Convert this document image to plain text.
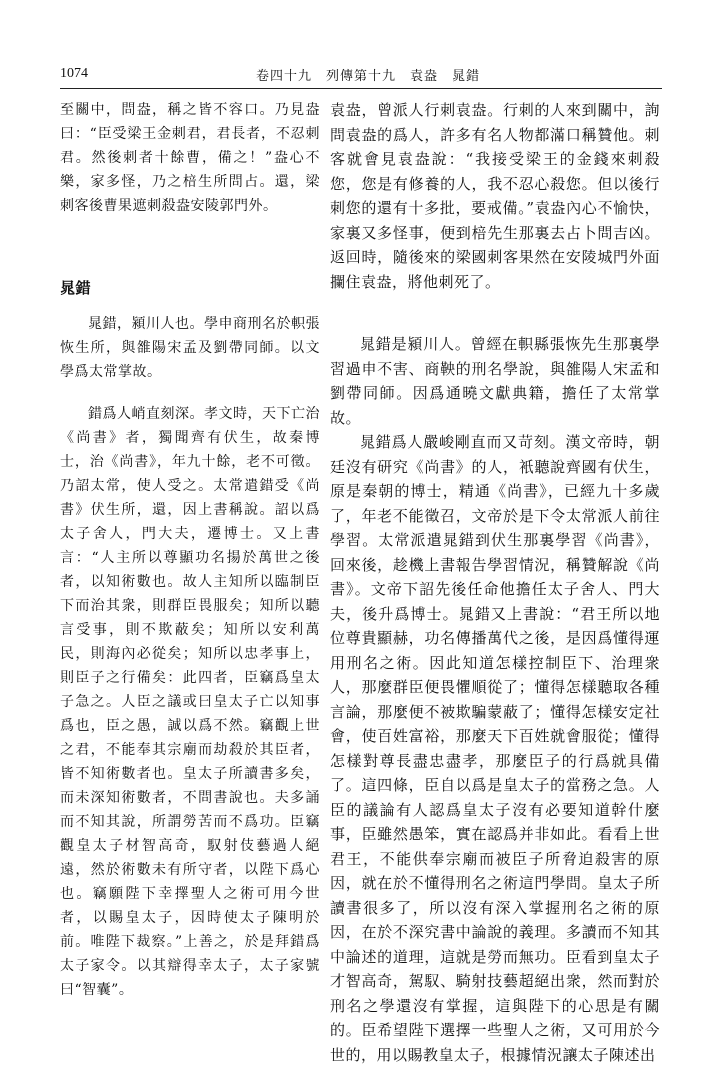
1074	卷四十九　列傳第十九　袁盎　晁錯

至關中，問盎，稱之皆不容口。乃見盎曰：“臣受梁王金刺君，君長者，不忍刺君。然後刺者十餘曹，備之！”盎心不樂，家多怪，乃之棓生所問占。還，梁刺客後曹果遮刺殺盎安陵郭門外。

晁錯

晁錯，潁川人也。學申商刑名於軹張恢生所，與雒陽宋孟及劉帶同師。以文學爲太常掌故。

錯爲人峭直刻深。孝文時，天下亡治《尚書》者，獨聞齊有伏生，故秦博士，治《尚書》，年九十餘，老不可徵。乃詔太常，使人受之。太常遣錯受《尚書》伏生所，還，因上書稱說。詔以爲太子舍人，門大夫，遷博士。又上書言：“人主所以尊顯功名揚於萬世之後者，以知術數也。故人主知所以臨制臣下而治其衆，則群臣畏服矣；知所以聽言受事，則不欺蔽矣；知所以安利萬民，則海內必從矣；知所以忠孝事上，則臣子之行備矣：此四者，臣竊爲皇太子急之。人臣之議或曰皇太子亡以知事爲也，臣之愚，誠以爲不然。竊觀上世之君，不能奉其宗廟而劫殺於其臣者，皆不知術數者也。皇太子所讀書多矣，而未深知術數者，不問書說也。夫多誦而不知其說，所謂勞苦而不爲功。臣竊觀皇太子材智高奇，馭射伎藝過人絕遠，然於術數未有所守者，以陛下爲心也。竊願陛下幸擇聖人之術可用今世者，以賜皇太子，因時使太子陳明於前。唯陛下裁察。”上善之，於是拜錯爲太子家令。以其辯得幸太子，太子家號曰“智囊”。

袁盎，曾派人行刺袁盎。行刺的人來到關中，詢問袁盎的爲人，許多有名人物都滿口稱贊他。刺客就會見袁盎說：“我接受梁王的金錢來刺殺您，您是有修養的人，我不忍心殺您。但以後行刺您的還有十多批，要戒備。”袁盎內心不愉快，家裏又多怪事，便到棓先生那裏去占卜問吉凶。返回時，隨後來的梁國刺客果然在安陵城門外面攔住袁盎，將他刺死了。

晁錯是潁川人。曾經在軹縣張恢先生那裏學習過申不害、商鞅的刑名學說，與雒陽人宋孟和劉帶同師。因爲通曉文獻典籍，擔任了太常掌故。

晁錯爲人嚴峻剛直而又苛刻。漢文帝時，朝廷沒有研究《尚書》的人，衹聽說齊國有伏生，原是秦朝的博士，精通《尚書》，已經九十多歲了，年老不能徵召，文帝於是下令太常派人前往學習。太常派遣晁錯到伏生那裏學習《尚書》，回來後，趁機上書報告學習情況，稱贊解說《尚書》。文帝下詔先後任命他擔任太子舍人、門大夫，後升爲博士。晁錯又上書說：“君王所以地位尊貴顯赫，功名傳播萬代之後，是因爲懂得運用刑名之術。因此知道怎樣控制臣下、治理衆人，那麼群臣便畏懼順從了；懂得怎樣聽取各種言論，那麼便不被欺騙蒙蔽了；懂得怎樣安定社會，使百姓富裕，那麼天下百姓就會服從；懂得怎樣對尊長盡忠盡孝，那麼臣子的行爲就具備了。這四條，臣自以爲是皇太子的當務之急。人臣的議論有人認爲皇太子沒有必要知道幹什麼事，臣雖然愚笨，實在認爲并非如此。看看上世君王，不能供奉宗廟而被臣子所脅迫殺害的原因，就在於不懂得刑名之術這門學問。皇太子所讀書很多了，所以沒有深入掌握刑名之術的原因，在於不深究書中論說的義理。多讀而不知其中論述的道理，這就是勞而無功。臣看到皇太子才智高奇，駕馭、騎射技藝超絕出衆，然而對於刑名之學還沒有掌握，這與陛下的心思是有關的。臣希望陛下選擇一些聖人之術，又可用於今世的，用以賜教皇太子，根據情況讓太子陳述出
